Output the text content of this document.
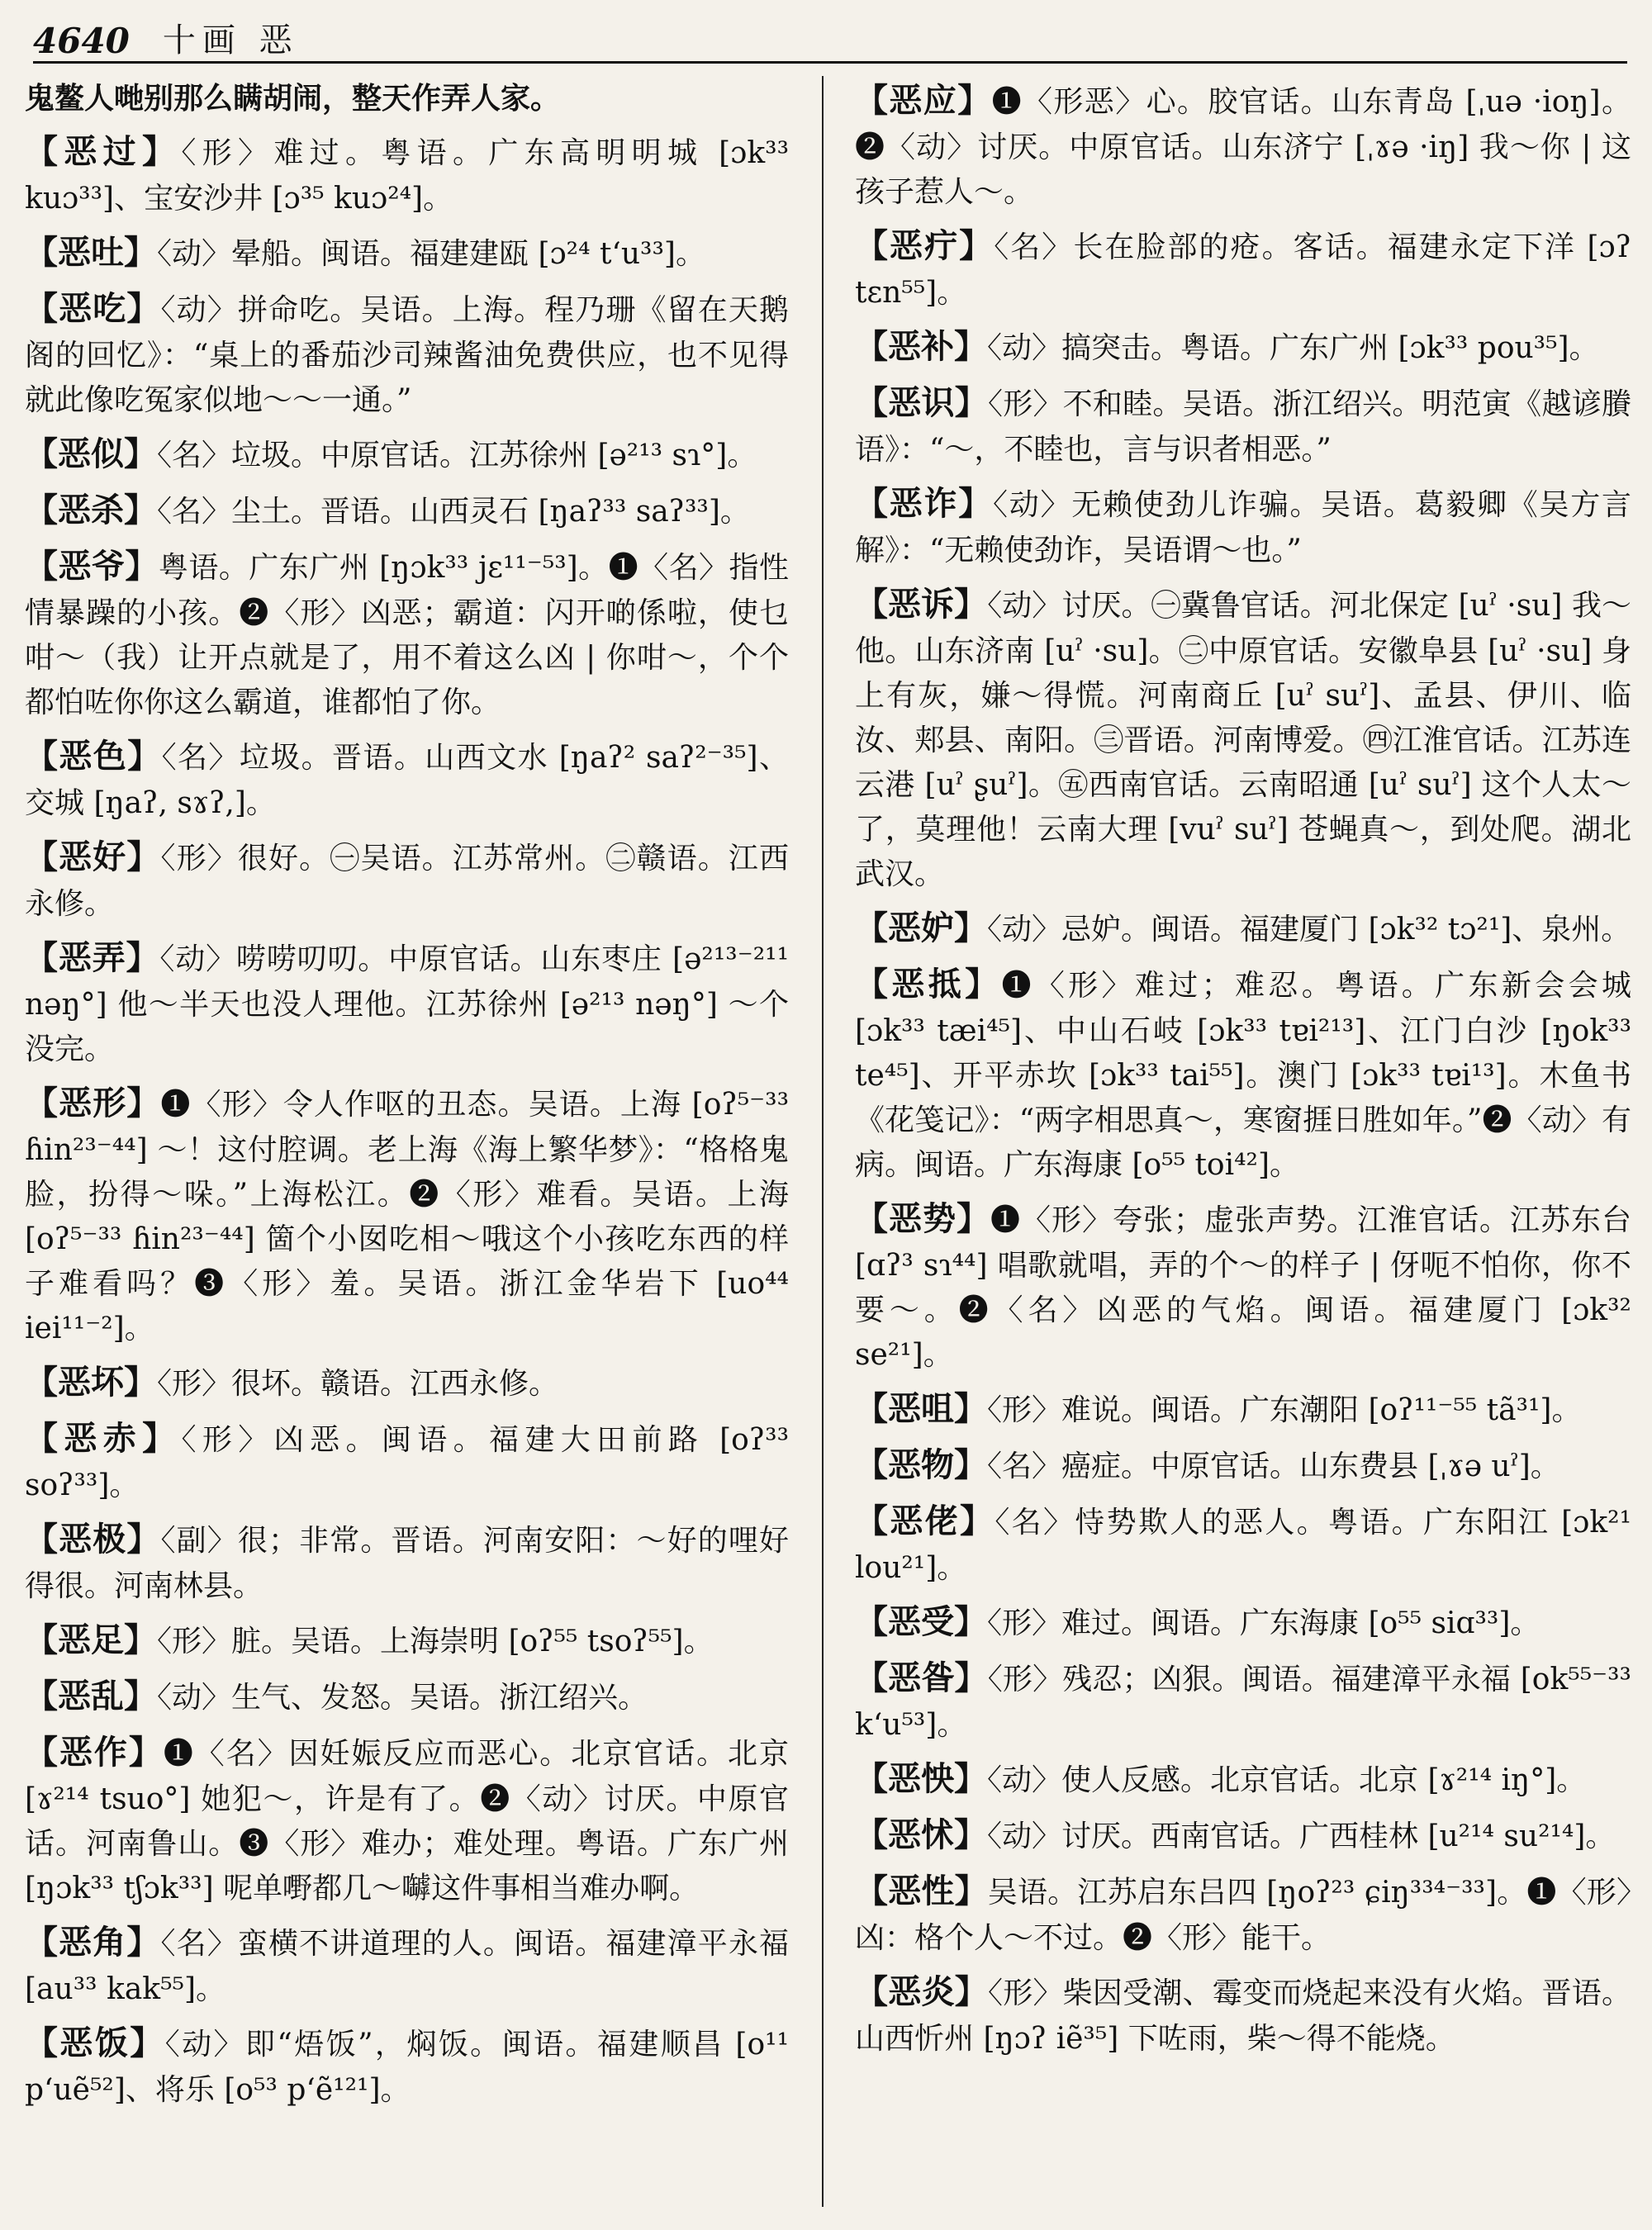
4640 十画 恶
鬼鳌人哋别那么瞒胡闹，整天作弄人家。
【恶过】〈形〉难过。粤语。广东高明明城 [ɔk³³ kuɔ³³]、宝安沙井 [ɔ³⁵ kuɔ²⁴]。
【恶吐】〈动〉晕船。闽语。福建建瓯 [ɔ²⁴ tʻu³³]。
【恶吃】〈动〉拼命吃。吴语。上海。程乃珊《留在天鹅阁的回忆》：“桌上的番茄沙司辣酱油免费供应，也不见得就此像吃冤家似地～～一通。”
【恶似】〈名〉垃圾。中原官话。江苏徐州 [ə²¹³ sɿ°]。
【恶杀】〈名〉尘土。晋语。山西灵石 [ŋaʔ³³ saʔ³³]。
【恶爷】粤语。广东广州 [ŋɔk³³ jɛ¹¹⁻⁵³]。❶〈名〉指性情暴躁的小孩。❷〈形〉凶恶；霸道：闪开啲係啦，使乜咁～（我）让开点就是了，用不着这么凶 | 你咁～，个个都怕咗你你这么霸道，谁都怕了你。
【恶色】〈名〉垃圾。晋语。山西文水 [ŋaʔ² saʔ²⁻³⁵]、交城 [ŋaʔ, sɤʔ,]。
【恶好】〈形〉很好。㊀吴语。江苏常州。㊁赣语。江西永修。
【恶弄】〈动〉唠唠叨叨。中原官话。山东枣庄 [ə²¹³⁻²¹¹ nəŋ°] 他～半天也没人理他。江苏徐州 [ə²¹³ nəŋ°] ～个没完。
【恶形】❶〈形〉令人作呕的丑态。吴语。上海 [oʔ⁵⁻³³ ɦin²³⁻⁴⁴] ～！这付腔调。老上海《海上繁华梦》：“格格鬼脸，扮得～哚。”上海松江。❷〈形〉难看。吴语。上海 [oʔ⁵⁻³³ ɦin²³⁻⁴⁴] 箇个小囡吃相～哦这个小孩吃东西的样子难看吗？❸〈形〉羞。吴语。浙江金华岩下 [uo⁴⁴ iei¹¹⁻²]。
【恶坏】〈形〉很坏。赣语。江西永修。
【恶赤】〈形〉凶恶。闽语。福建大田前路 [oʔ³³ soʔ³³]。
【恶极】〈副〉很；非常。晋语。河南安阳：～好的哩好得很。河南林县。
【恶足】〈形〉脏。吴语。上海崇明 [oʔ⁵⁵ tsoʔ⁵⁵]。
【恶乱】〈动〉生气、发怒。吴语。浙江绍兴。
【恶作】❶〈名〉因妊娠反应而恶心。北京官话。北京 [ɤ²¹⁴ tsuo°] 她犯～，许是有了。❷〈动〉讨厌。中原官话。河南鲁山。❸〈形〉难办；难处理。粤语。广东广州 [ŋɔk³³ tʃɔk³³] 呢单嘢都几～嚹这件事相当难办啊。
【恶角】〈名〉蛮横不讲道理的人。闽语。福建漳平永福 [au³³ kak⁵⁵]。
【恶饭】〈动〉即“焐饭”，焖饭。闽语。福建顺昌 [o¹¹ pʻuẽ⁵²]、将乐 [o⁵³ pʻẽ¹²¹]。
【恶应】❶〈形恶〉心。胶官话。山东青岛 [ˌuə ·ioŋ]。❷〈动〉讨厌。中原官话。山东济宁 [ˌɤə ·iŋ] 我～你 | 这孩子惹人～。
【恶疔】〈名〉长在脸部的疮。客话。福建永定下洋 [ɔʔ tɛn⁵⁵]。
【恶补】〈动〉搞突击。粤语。广东广州 [ɔk³³ pou³⁵]。
【恶识】〈形〉不和睦。吴语。浙江绍兴。明范寅《越谚賸语》：“～，不睦也，言与识者相恶。”
【恶诈】〈动〉无赖使劲儿诈骗。吴语。葛毅卿《吴方言解》：“无赖使劲诈，吴语谓～也。”
【恶诉】〈动〉讨厌。㊀冀鲁官话。河北保定 [uˀ ·su] 我～他。山东济南 [uˀ ·su]。㊁中原官话。安徽阜县 [uˀ ·su] 身上有灰，嫌～得慌。河南商丘 [uˀ suˀ]、孟县、伊川、临汝、郏县、南阳。㊂晋语。河南博爱。㊃江淮官话。江苏连云港 [uˀ ʂuˀ]。㊄西南官话。云南昭通 [uˀ suˀ] 这个人太～了，莫理他！云南大理 [vuˀ suˀ] 苍蝇真～，到处爬。湖北武汉。
【恶妒】〈动〉忌妒。闽语。福建厦门 [ɔk³² tɔ²¹]、泉州。
【恶抵】❶〈形〉难过；难忍。粤语。广东新会会城 [ɔk³³ tæi⁴⁵]、中山石岐 [ɔk³³ tɐi²¹³]、江门白沙 [ŋok³³ te⁴⁵]、开平赤坎 [ɔk³³ tai⁵⁵]。澳门 [ɔk³³ tɐi¹³]。木鱼书《花笺记》：“两字相思真～，寒窗捱日胜如年。”❷〈动〉有病。闽语。广东海康 [o⁵⁵ toi⁴²]。
【恶势】❶〈形〉夸张；虚张声势。江淮官话。江苏东台 [ɑʔ³ sɿ⁴⁴] 唱歌就唱，弄的个～的样子 | 伢呃不怕你，你不要～。❷〈名〉凶恶的气焰。闽语。福建厦门 [ɔk³² se²¹]。
【恶咀】〈形〉难说。闽语。广东潮阳 [oʔ¹¹⁻⁵⁵ tã³¹]。
【恶物】〈名〉癌症。中原官话。山东费县 [ˌɤə uˀ]。
【恶佬】〈名〉恃势欺人的恶人。粤语。广东阳江 [ɔk²¹ lou²¹]。
【恶受】〈形〉难过。闽语。广东海康 [o⁵⁵ siɑ³³]。
【恶昝】〈形〉残忍；凶狠。闽语。福建漳平永福 [ok⁵⁵⁻³³ kʻu⁵³]。
【恶怏】〈动〉使人反感。北京官话。北京 [ɤ²¹⁴ iŋ°]。
【恶怵】〈动〉讨厌。西南官话。广西桂林 [u²¹⁴ su²¹⁴]。
【恶性】吴语。江苏启东吕四 [ŋoʔ²³ ɕiŋ³³⁴⁻³³]。❶〈形〉凶：格个人～不过。❷〈形〉能干。
【恶炎】〈形〉柴因受潮、霉变而烧起来没有火焰。晋语。山西忻州 [ŋɔʔ iẽ³⁵] 下咗雨，柴～得不能烧。
